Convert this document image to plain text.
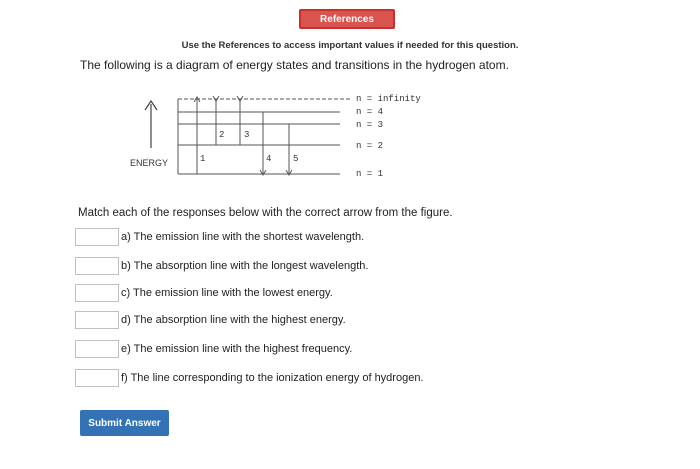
References
Use the References to access important values if needed for this question.
The following is a diagram of energy states and transitions in the hydrogen atom.
ENERGY	1
2 3
4 5
n = infinity
n = 4
n = 3
n = 2
n = 1
Match each of the responses below with the correct arrow from the figure.
a) The emission line with the shortest wavelength.
b) The absorption line with the longest wavelength.
c) The emission line with the lowest energy.
d) The absorption line with the highest energy.
e) The emission line with the highest frequency.
f) The line corresponding to the ionization energy of hydrogen.
Submit Answer
